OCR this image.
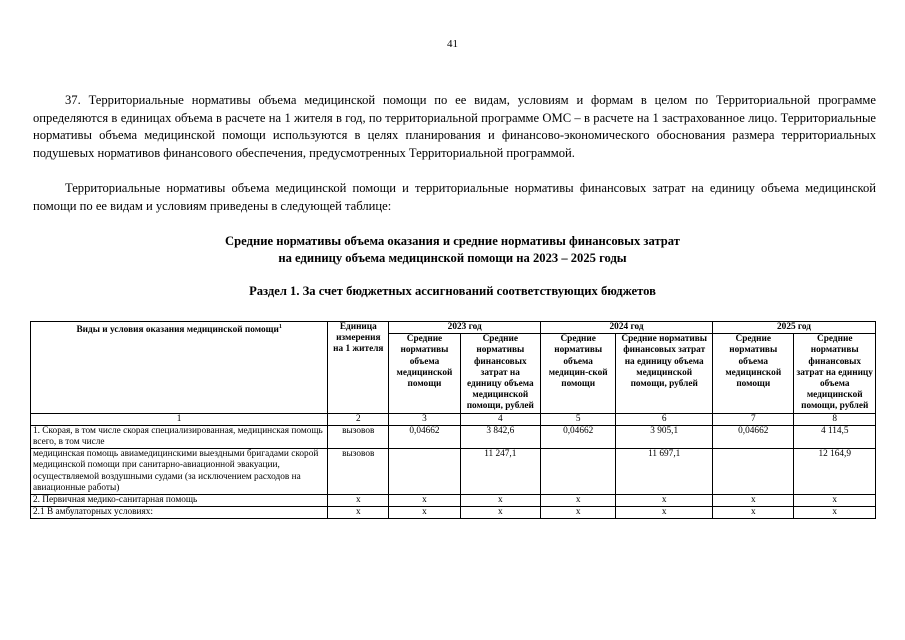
41

37. Территориальные нормативы объема медицинской помощи по ее видам, условиям и формам в целом по Территориальной программе определяются в единицах объема в расчете на 1 жителя в год, по территориальной программе ОМС – в расчете на 1 застрахованное лицо. Территориальные нормативы объема медицинской помощи используются в целях планирования и финансово-экономического обоснования размера территориальных подушевых нормативов финансового обеспечения, предусмотренных Территориальной программой.

Территориальные нормативы объема медицинской помощи и территориальные нормативы финансовых затрат на единицу объема медицинской помощи по ее видам и условиям приведены в следующей таблице:

Средние нормативы объема оказания и средние нормативы финансовых затрат
на единицу объема медицинской помощи на 2023 – 2025 годы

Раздел 1. За счет бюджетных ассигнований соответствующих бюджетов

Виды и условия оказания медицинской помощи$^1$	Единица измерения на 1 жителя	2023 год		2024 год		2025 год	
		Средние нормативы объема медицинской помощи	Средние нормативы финансовых затрат на единицу объема медицинской помощи, рублей	Средние нормативы объема медицин-ской помощи	Средние нормативы финансовых затрат на единицу объема медицинской помощи, рублей	Средние нормативы объема медицинской помощи	Средние нормативы финансовых затрат на единицу объема медицинской помощи, рублей
1	2	3	4	5	6	7	8
1. Скорая, в том числе скорая специализированная, медицинская помощь всего, в том числе	вызовов	0,04662	3 842,6	0,04662	3 905,1	0,04662	4 114,5
медицинская помощь авиамедицинскими выездными бригадами скорой медицинской помощи при санитарно-авиационной эвакуации, осуществляемой воздушными судами (за исключением расходов на авиационные работы)	вызовов		11 247,1		11 697,1		12 164,9
2. Первичная медико-санитарная помощь	х	х	х	х	х	х	х
2.1 В амбулаторных условиях:	х	х	х	х	х	х	х
